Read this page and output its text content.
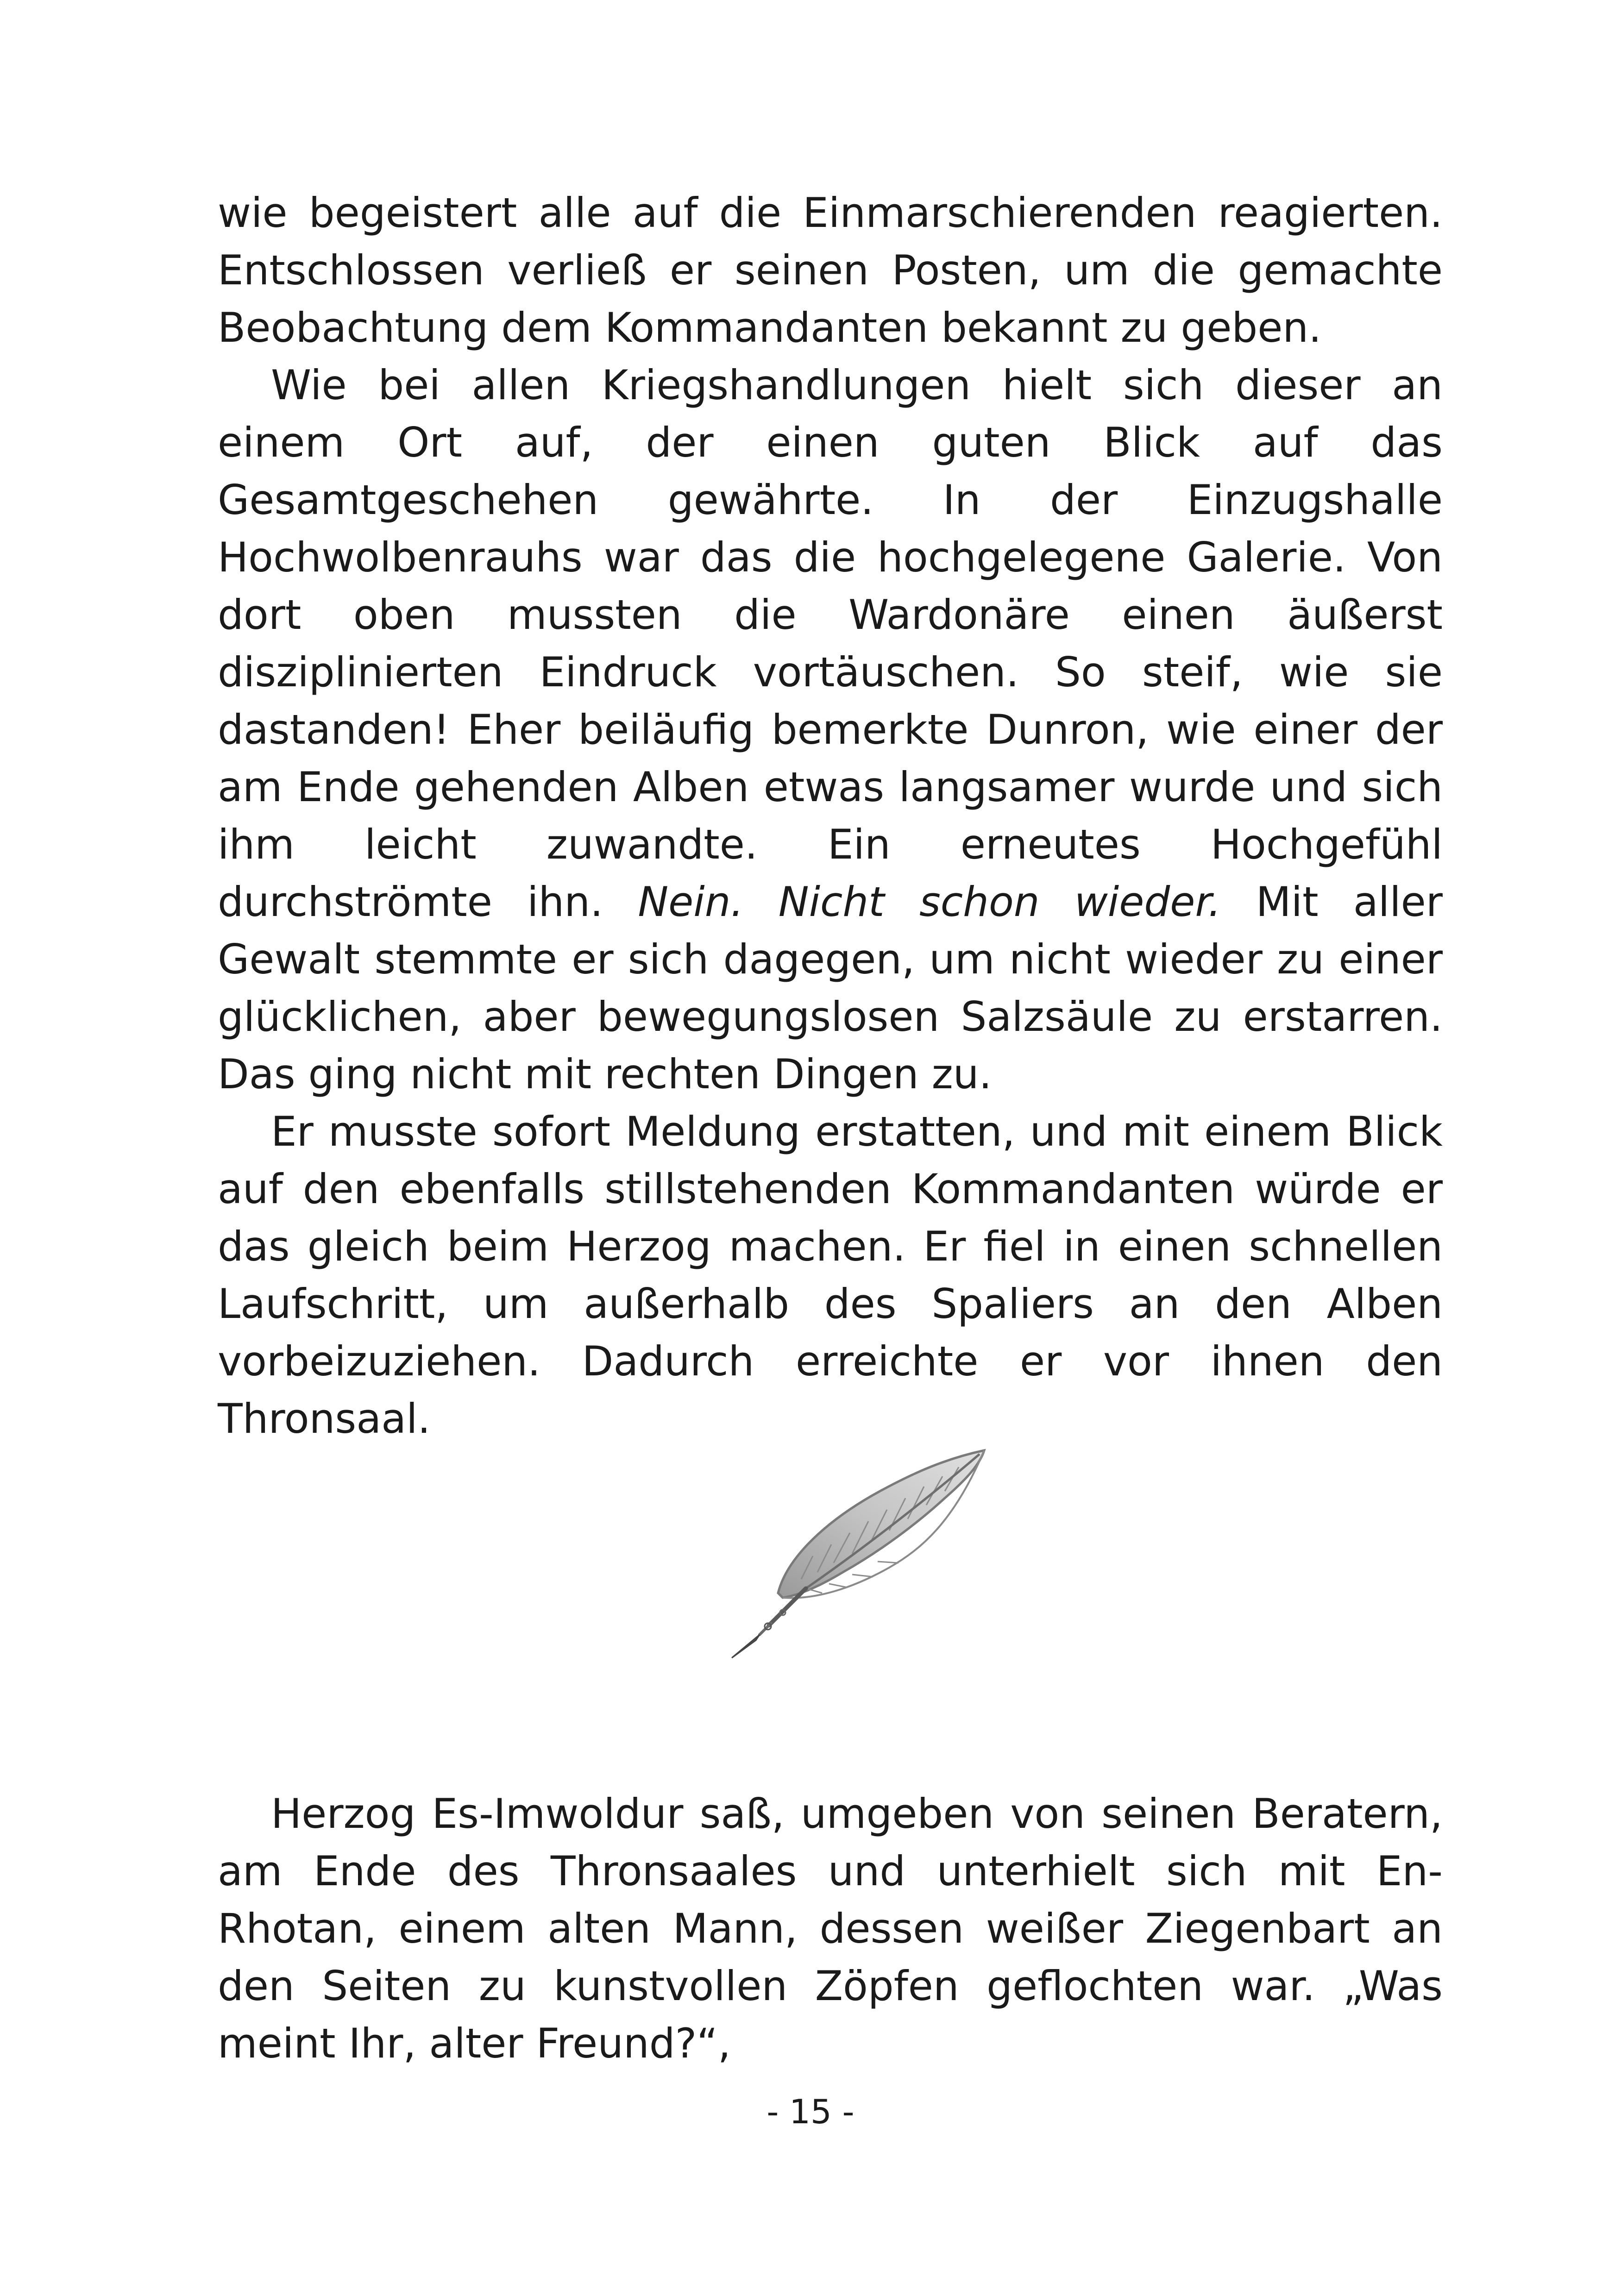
wie begeistert alle auf die Einmarschierenden reagierten. Entschlossen verließ er seinen Posten, um die gemachte Beobachtung dem Kommandanten bekannt zu geben.

Wie bei allen Kriegshandlungen hielt sich dieser an einem Ort auf, der einen guten Blick auf das Gesamtgeschehen gewährte. In der Einzugshalle Hochwolbenrauhs war das die hochgelegene Galerie. Von dort oben mussten die Wardonäre einen äußerst disziplinierten Eindruck vortäuschen. So steif, wie sie dastanden! Eher beiläufig bemerkte Dunron, wie einer der am Ende gehenden Alben etwas langsamer wurde und sich ihm leicht zuwandte. Ein erneutes Hochgefühl durchströmte ihn. Nein. Nicht schon wieder. Mit aller Gewalt stemmte er sich dagegen, um nicht wieder zu einer glücklichen, aber bewegungslosen Salzsäule zu erstarren. Das ging nicht mit rechten Dingen zu.

Er musste sofort Meldung erstatten, und mit einem Blick auf den ebenfalls stillstehenden Kommandanten würde er das gleich beim Herzog machen. Er fiel in einen schnellen Laufschritt, um außerhalb des Spaliers an den Alben vorbeizuziehen. Dadurch erreichte er vor ihnen den Thronsaal.

Herzog Es-Imwoldur saß, umgeben von seinen Beratern, am Ende des Thronsaales und unterhielt sich mit En-Rhotan, einem alten Mann, dessen weißer Ziegenbart an den Seiten zu kunstvollen Zöpfen geflochten war. „Was meint Ihr, alter Freund?“,

- 15 -
